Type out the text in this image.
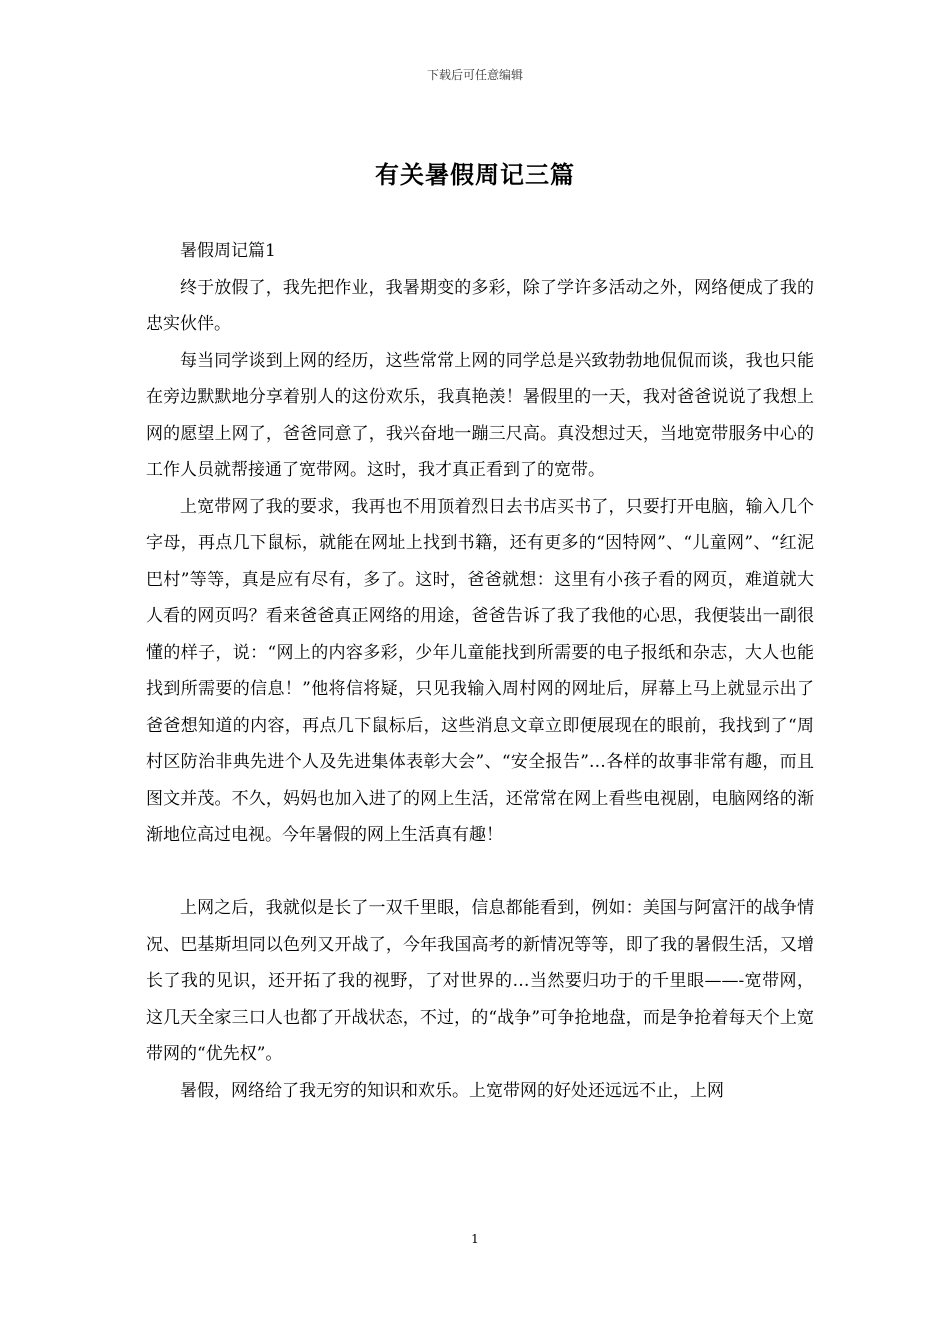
下载后可任意编辑
有关暑假周记三篇

暑假周记篇1

终于放假了，我先把作业，我暑期变的多彩，除了学许多活动之外，网络便成了我的忠实伙伴。

每当同学谈到上网的经历，这些常常上网的同学总是兴致勃勃地侃侃而谈，我也只能在旁边默默地分享着别人的这份欢乐，我真艳羡！暑假里的一天，我对爸爸说说了我想上网的愿望上网了，爸爸同意了，我兴奋地一蹦三尺高。真没想过天，当地宽带服务中心的工作人员就帮接通了宽带网。这时，我才真正看到了的宽带。

上宽带网了我的要求，我再也不用顶着烈日去书店买书了，只要打开电脑，输入几个字母，再点几下鼠标，就能在网址上找到书籍，还有更多的“因特网”、“儿童网”、“红泥巴村”等等，真是应有尽有，多了。这时，爸爸就想：这里有小孩子看的网页，难道就大人看的网页吗？看来爸爸真正网络的用途，爸爸告诉了我了我他的心思，我便装出一副很懂的样子，说：“网上的内容多彩，少年儿童能找到所需要的电子报纸和杂志，大人也能找到所需要的信息！”他将信将疑，只见我输入周村网的网址后，屏幕上马上就显示出了爸爸想知道的内容，再点几下鼠标后，这些消息文章立即便展现在的眼前，我找到了“周村区防治非典先进个人及先进集体表彰大会”、“安全报告”…各样的故事非常有趣，而且图文并茂。不久，妈妈也加入进了的网上生活，还常常在网上看些电视剧，电脑网络的渐渐地位高过电视。今年暑假的网上生活真有趣！

上网之后，我就似是长了一双千里眼，信息都能看到，例如：美国与阿富汗的战争情况、巴基斯坦同以色列又开战了，今年我国高考的新情况等等，即了我的暑假生活，又增长了我的见识，还开拓了我的视野，了对世界的…当然要归功于的千里眼——-宽带网，这几天全家三口人也都了开战状态，不过，的“战争”可争抢地盘，而是争抢着每天个上宽带网的“优先权”。

暑假，网络给了我无穷的知识和欢乐。上宽带网的好处还远远不止，上网

1
